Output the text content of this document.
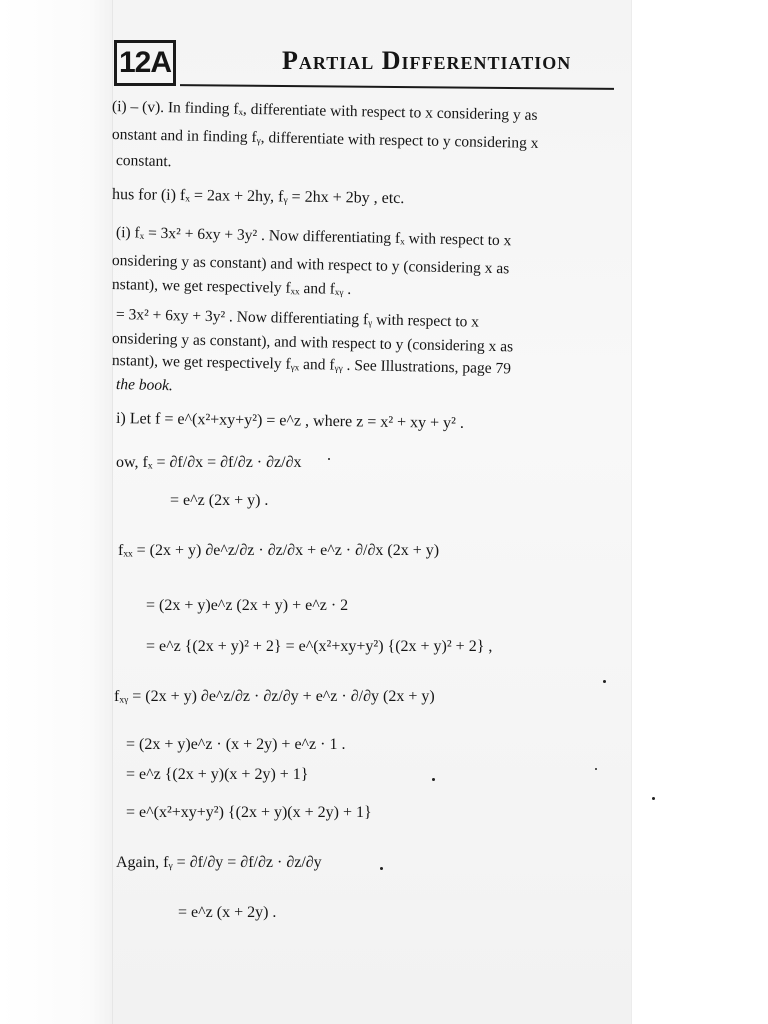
12A	Partial Differentiation
(i) – (v). In finding fₓ, differentiate with respect to x considering y as
onstant and in finding fᵧ, differentiate with respect to y considering x
constant.
hus for (i) fₓ = 2ax + 2hy, fᵧ = 2hx + 2by , etc.
(i) fₓ = 3x² + 6xy + 3y² . Now differentiating fₓ with respect to x
onsidering y as constant) and with respect to y (considering x as
nstant), we get respectively fₓₓ and fₓᵧ .
= 3x² + 6xy + 3y² . Now differentiating fᵧ with respect to x
onsidering y as constant), and with respect to y (considering x as
nstant), we get respectively fᵧₓ and fᵧᵧ . See Illustrations, page 79
the book.
i) Let f = e^(x²+xy+y²) = e^z , where z = x² + xy + y² .
ow, fₓ = ∂f/∂x = ∂f/∂z · ∂z/∂x
= e^z (2x + y) .
fₓₓ = (2x + y) ∂e^z/∂z · ∂z/∂x + e^z · ∂/∂x (2x + y)
= (2x + y)e^z (2x + y) + e^z · 2
= e^z {(2x + y)² + 2} = e^(x²+xy+y²) {(2x + y)² + 2} ,
fₓᵧ = (2x + y) ∂e^z/∂z · ∂z/∂y + e^z · ∂/∂y (2x + y)
= (2x + y)e^z · (x + 2y) + e^z · 1 .
= e^z {(2x + y)(x + 2y) + 1}
= e^(x²+xy+y²) {(2x + y)(x + 2y) + 1}
Again, fᵧ = ∂f/∂y = ∂f/∂z · ∂z/∂y
= e^z (x + 2y) .
